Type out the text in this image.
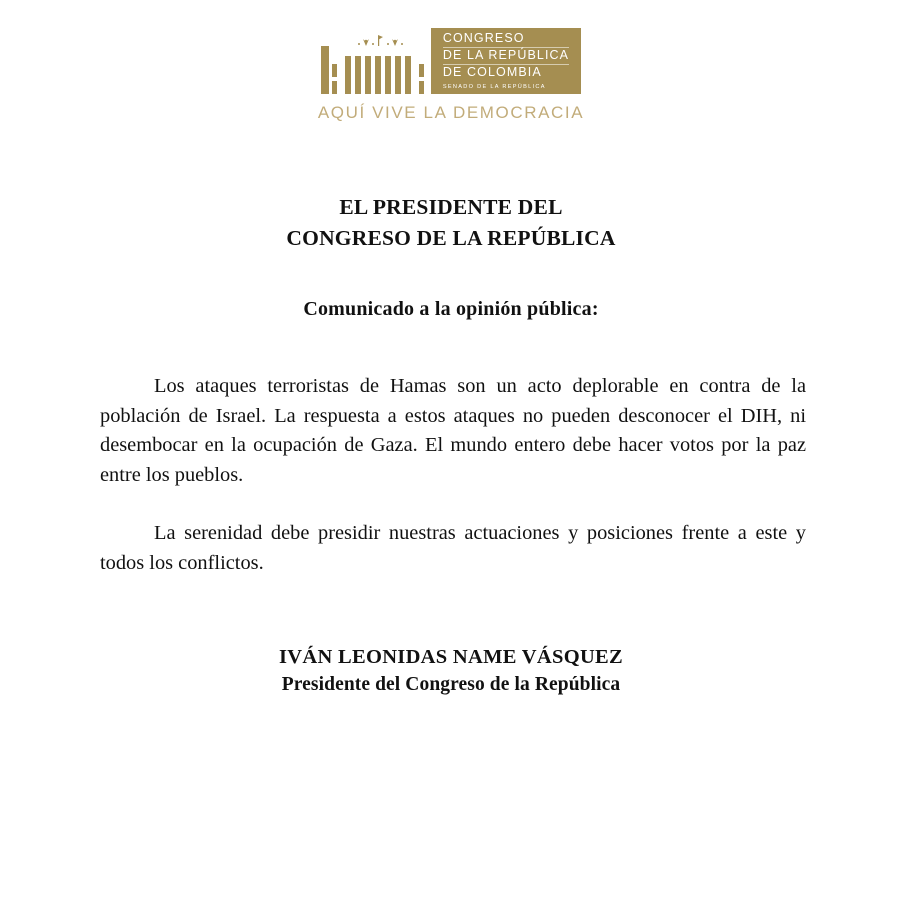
CONGRESO
DE LA REPÚBLICA
DE COLOMBIA
SENADO DE LA REPÚBLICA
AQUÍ VIVE LA DEMOCRACIA
EL PRESIDENTE DEL
CONGRESO DE LA REPÚBLICA
Comunicado a la opinión pública:

Los ataques terroristas de Hamas son un acto deplorable en contra de la población de Israel. La respuesta a estos ataques no pueden desconocer el DIH, ni desembocar en la ocupación de Gaza. El mundo entero debe hacer votos por la paz entre los pueblos.

La serenidad debe presidir nuestras actuaciones y posiciones frente a este y todos los conflictos.

IVÁN LEONIDAS NAME VÁSQUEZ
Presidente del Congreso de la República
